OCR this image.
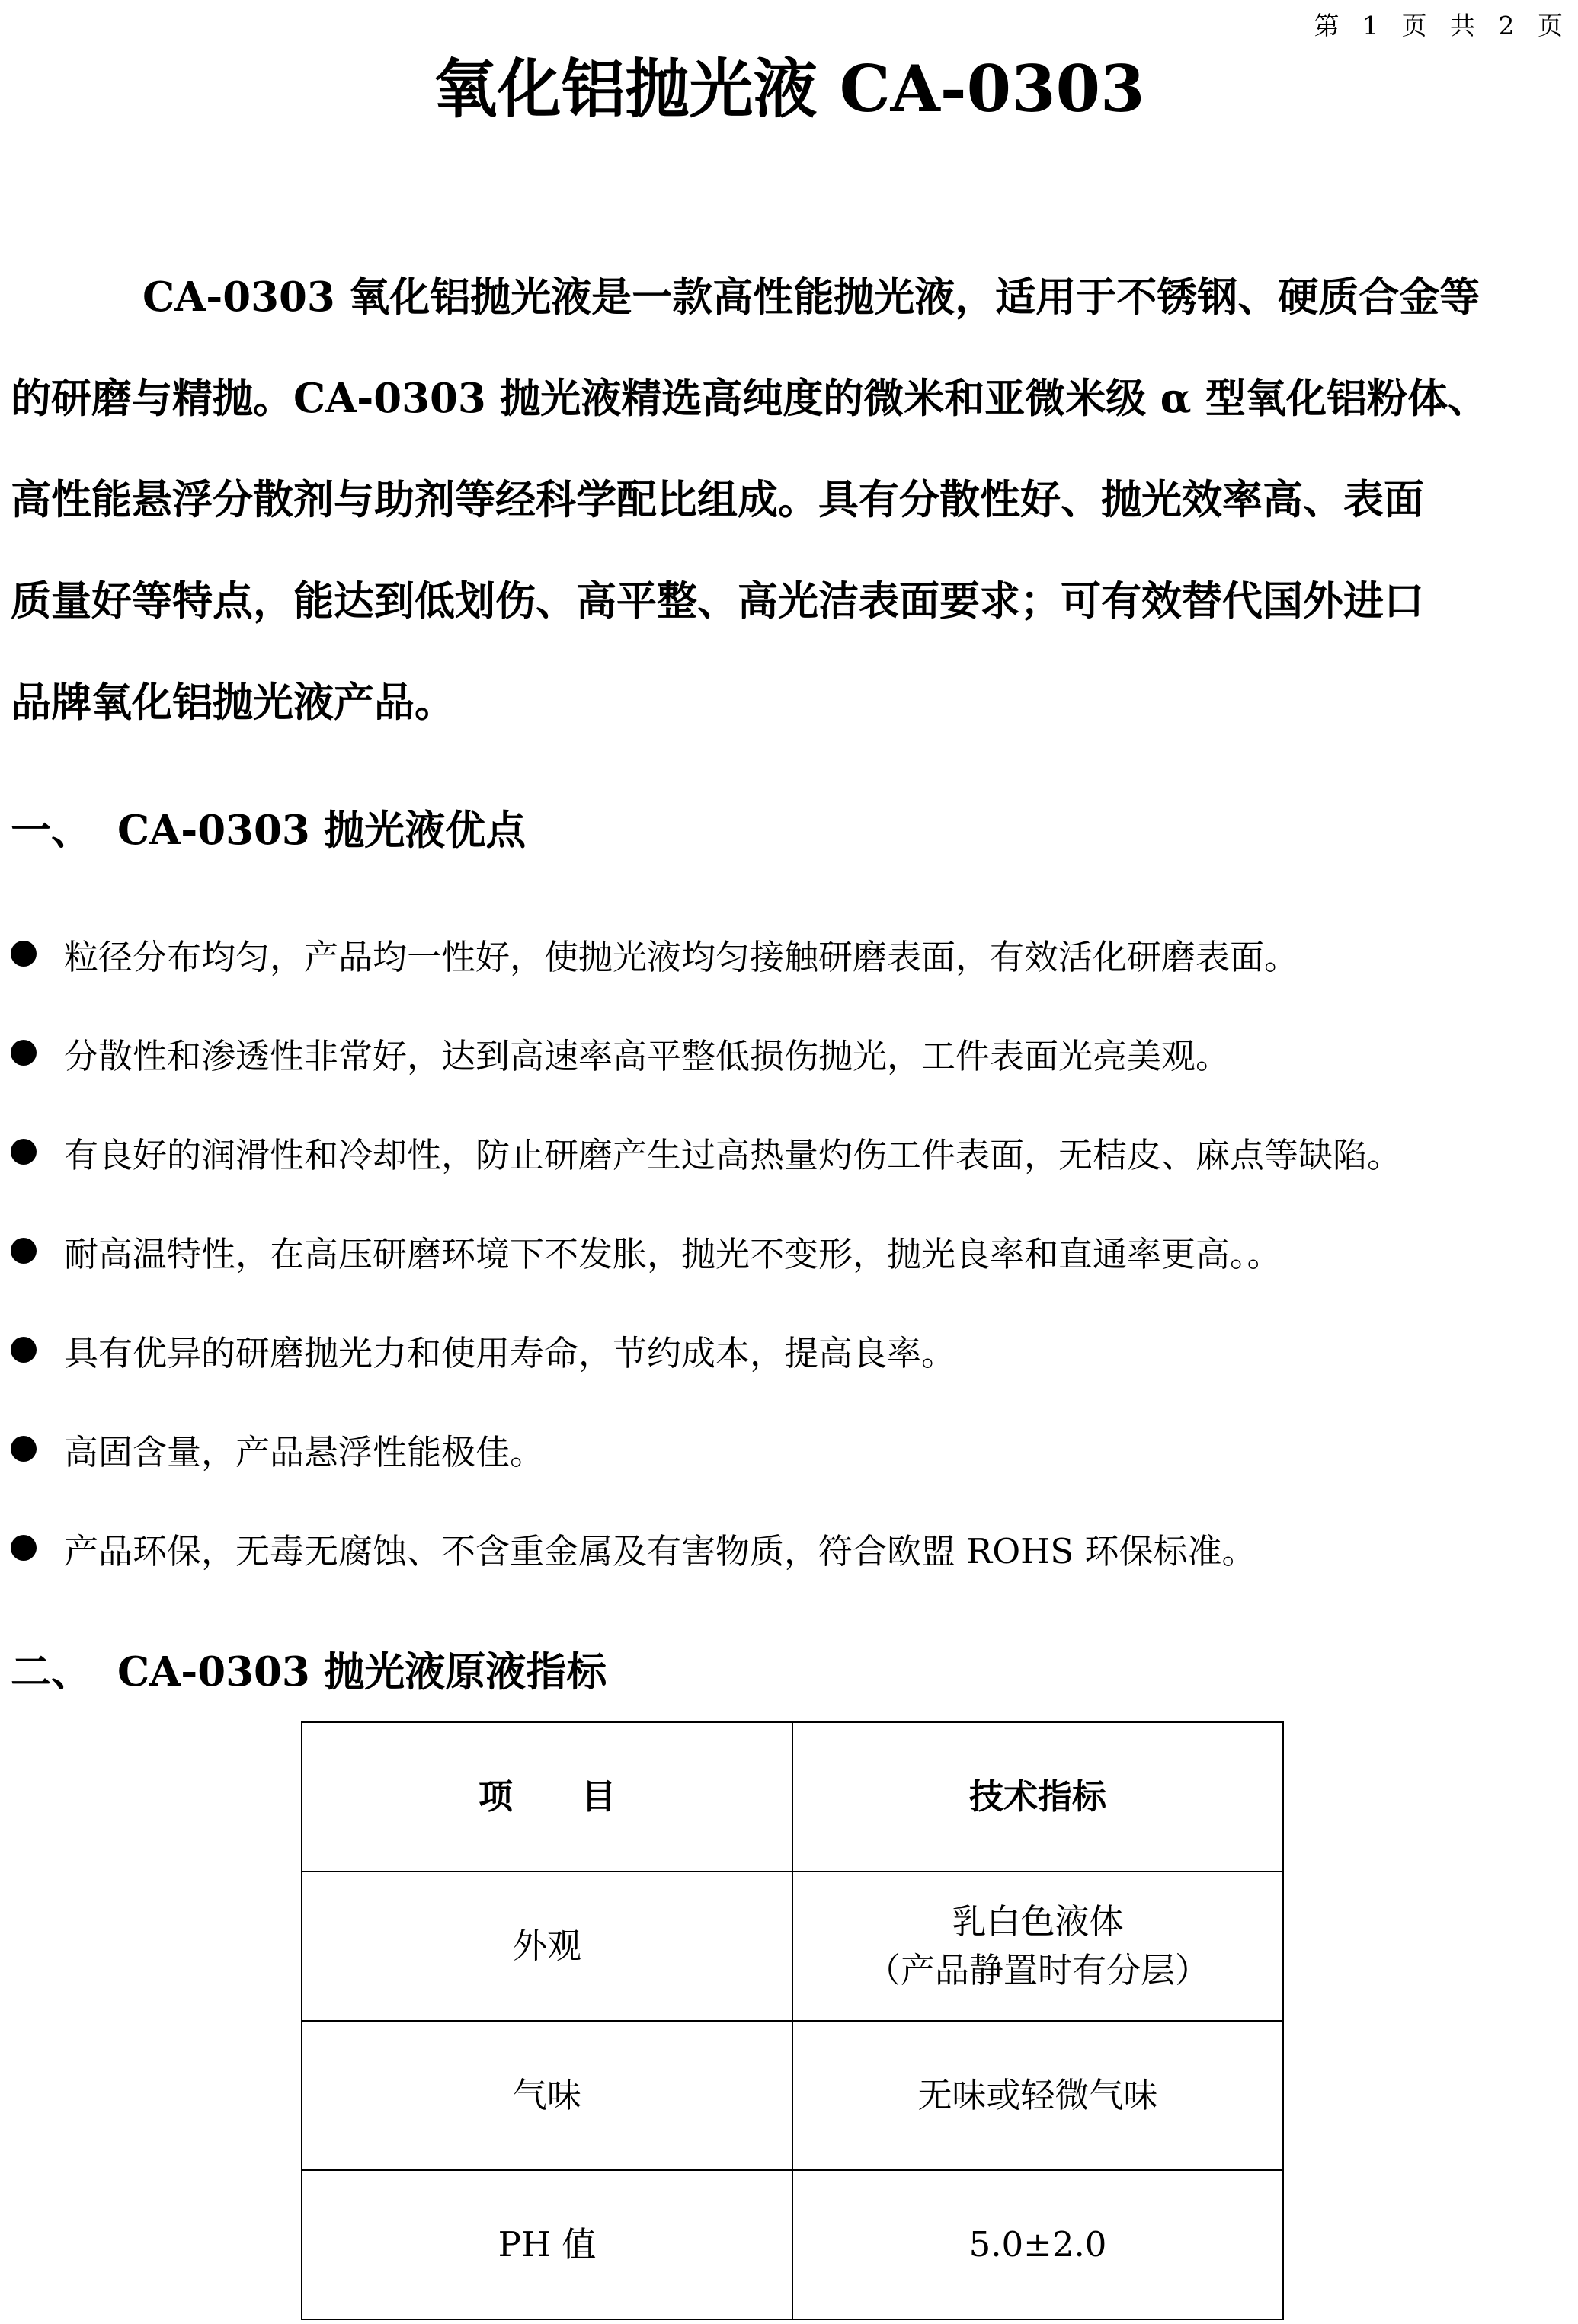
第 1 页 共 2 页
氧化铝抛光液 CA-0303
CA-0303 氧化铝抛光液是一款高性能抛光液，适用于不锈钢、硬质合金等
的研磨与精抛。CA-0303 抛光液精选高纯度的微米和亚微米级 α 型氧化铝粉体、
高性能悬浮分散剂与助剂等经科学配比组成。具有分散性好、抛光效率高、表面
质量好等特点，能达到低划伤、高平整、高光洁表面要求；可有效替代国外进口
品牌氧化铝抛光液产品。
一、 CA-0303 抛光液优点
粒径分布均匀，产品均一性好，使抛光液均匀接触研磨表面，有效活化研磨表面。
分散性和渗透性非常好，达到高速率高平整低损伤抛光，工件表面光亮美观。
有良好的润滑性和冷却性，防止研磨产生过高热量灼伤工件表面，无桔皮、麻点等缺陷。
耐高温特性，在高压研磨环境下不发胀，抛光不变形，抛光良率和直通率更高。。
具有优异的研磨抛光力和使用寿命，节约成本，提高良率。
高固含量，产品悬浮性能极佳。
产品环保，无毒无腐蚀、不含重金属及有害物质，符合欧盟 ROHS 环保标准。
二、 CA-0303 抛光液原液指标
项　　目	技术指标
外观	乳白色液体
（产品静置时有分层）

气味	无味或轻微气味
PH 值	5.0±2.0
